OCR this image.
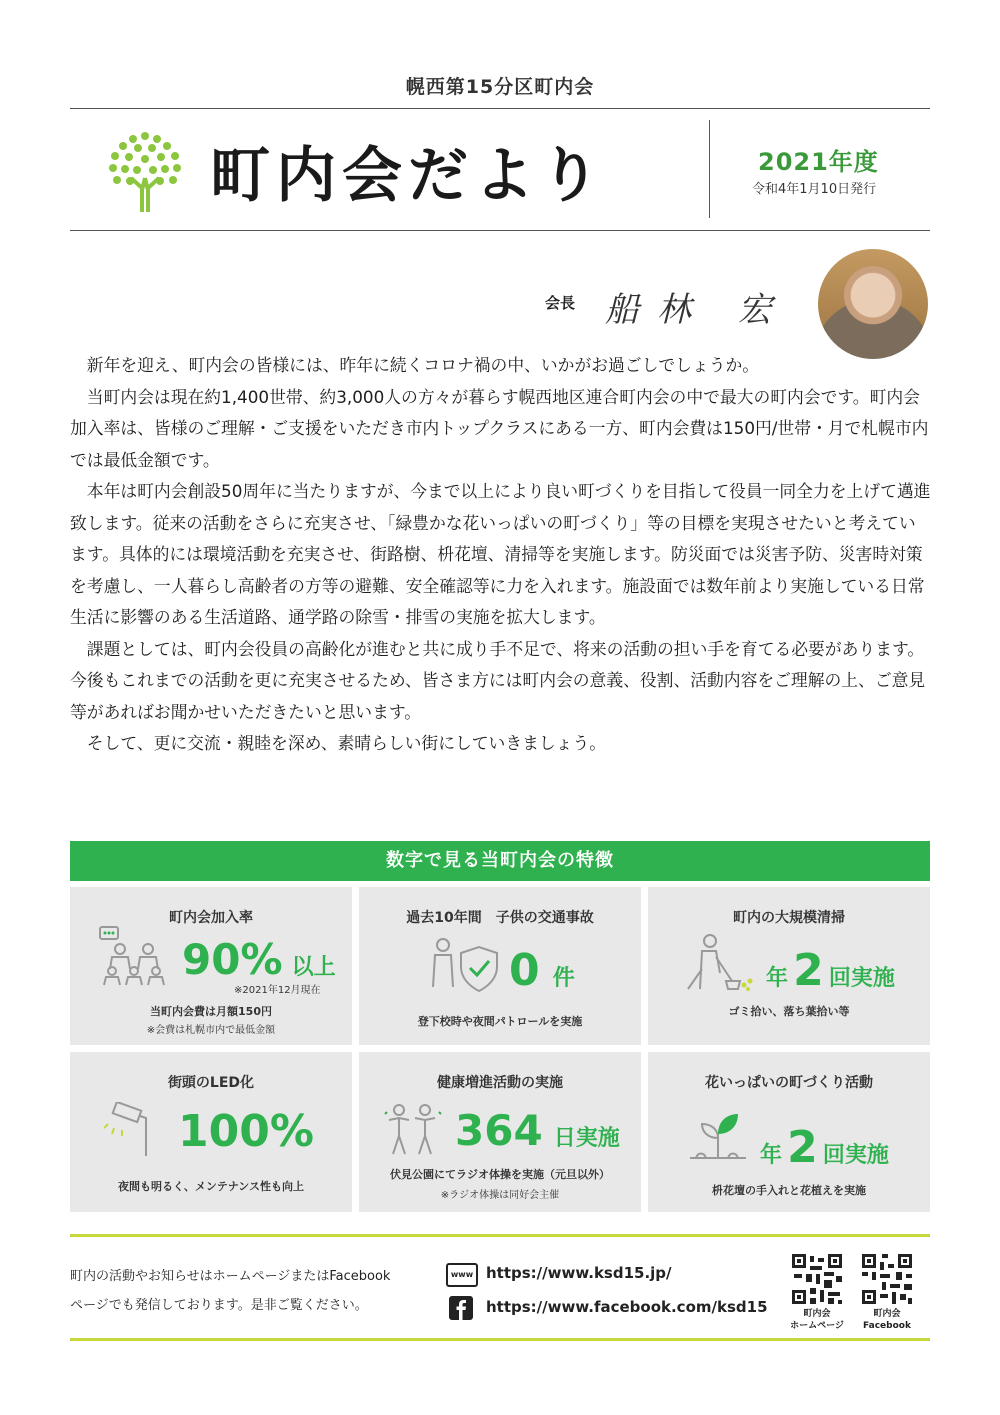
幌西第15分区町内会
町内会だより	2021年度
令和4年1月10日発行
会長 船林 宏

新年を迎え、町内会の皆様には、昨年に続くコロナ禍の中、いかがお過ごしでしょうか。

当町内会は現在約1,400世帯、約3,000人の方々が暮らす幌西地区連合町内会の中で最大の町内会です。町内会加入率は、皆様のご理解・ご支援をいただき市内トップクラスにある一方、町内会費は150円/世帯・月で札幌市内では最低金額です。

本年は町内会創設50周年に当たりますが、今まで以上により良い町づくりを目指して役員一同全力を上げて邁進致します。従来の活動をさらに充実させ、「緑豊かな花いっぱいの町づくり」等の目標を実現させたいと考えています。具体的には環境活動を充実させ、街路樹、枡花壇、清掃等を実施します。防災面では災害予防、災害時対策を考慮し、一人暮らし高齢者の方等の避難、安全確認等に力を入れます。施設面では数年前より実施している日常生活に影響のある生活道路、通学路の除雪・排雪の実施を拡大します。

課題としては、町内会役員の高齢化が進むと共に成り手不足で、将来の活動の担い手を育てる必要があります。今後もこれまでの活動を更に充実させるため、皆さま方には町内会の意義、役割、活動内容をご理解の上、ご意見等があればお聞かせいただきたいと思います。

そして、更に交流・親睦を深め、素晴らしい街にしていきましょう。

数字で見る当町内会の特徴
町内会加入率
90% 以上
※2021年12月現在
当町内会費は月額150円
※会費は札幌市内で最低金額
過去10年間　子供の交通事故
0 件
登下校時や夜間パトロールを実施
町内の大規模清掃
年 2 回実施
ゴミ拾い、落ち葉拾い等
街頭のLED化
100%
夜間も明るく、メンテナンス性も向上
健康増進活動の実施
364 日実施
伏見公園にてラジオ体操を実施（元旦以外）
※ラジオ体操は同好会主催
花いっぱいの町づくり活動
年 2 回実施
枡花壇の手入れと花植えを実施
町内の活動やお知らせはホームページまたはFacebook
ページでも発信しております。是非ご覧ください。
www https://www.ksd15.jp/
https://www.facebook.com/ksd15	町内会
ホームページ
町内会
Facebook
